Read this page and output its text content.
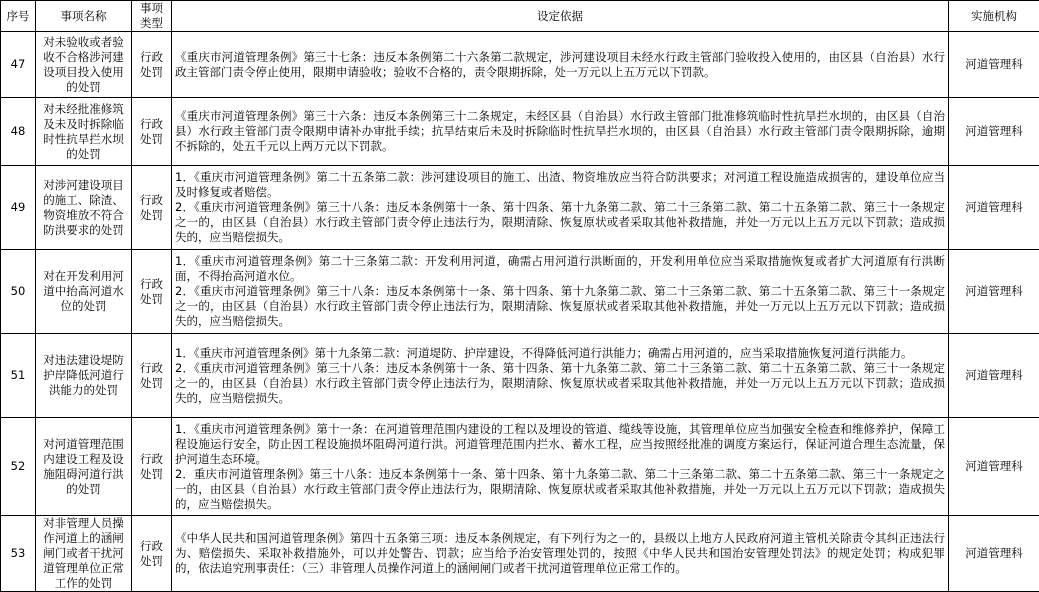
序号	事项名称	事项类型	设定依据	实施机构
47	对未验收或者验收不合格涉河建设项目投入使用的处罚	行政处罚	《重庆市河道管理条例》第三十七条：违反本条例第二十六条第二款规定，涉河建设项目未经水行政主管部门验收投入使用的，由区县（自治县）水行政主管部门责令停止使用，限期申请验收；验收不合格的，责令限期拆除，处一万元以上五万元以下罚款。	河道管理科
48	对未经批准修筑及未及时拆除临时性抗旱拦水坝的处罚	行政处罚	《重庆市河道管理条例》第三十六条：违反本条例第三十二条规定，未经区县（自治县）水行政主管部门批准修筑临时性抗旱拦水坝的，由区县（自治县）水行政主管部门责令限期申请补办审批手续；抗旱结束后未及时拆除临时性抗旱拦水坝的，由区县（自治县）水行政主管部门责令限期拆除，逾期不拆除的，处五千元以上两万元以下罚款。	河道管理科
49	对涉河建设项目的施工、除渣、物资堆放不符合防洪要求的处罚	行政处罚	1．《重庆市河道管理条例》第二十五条第二款：涉河建设项目的施工、出渣、物资堆放应当符合防洪要求；对河道工程设施造成损害的，建设单位应当及时修复或者赔偿。
2．《重庆市河道管理条例》第三十八条：违反本条例第十一条、第十四条、第十九条第二款、第二十三条第二款、第二十五条第二款、第三十一条规定之一的，由区县（自治县）水行政主管部门责令停止违法行为，限期清除、恢复原状或者采取其他补救措施，并处一万元以上五万元以下罚款；造成损失的，应当赔偿损失。	河道管理科
50	对在开发利用河道中抬高河道水位的处罚	行政处罚	1．《重庆市河道管理条例》第二十三条第二款：开发利用河道，确需占用河道行洪断面的，开发利用单位应当采取措施恢复或者扩大河道原有行洪断面，不得抬高河道水位。
2．《重庆市河道管理条例》第三十八条：违反本条例第十一条、第十四条、第十九条第二款、第二十三条第二款、第二十五条第二款、第三十一条规定之一的，由区县（自治县）水行政主管部门责令停止违法行为，限期清除、恢复原状或者采取其他补救措施，并处一万元以上五万元以下罚款；造成损失的，应当赔偿损失。	河道管理科
51	对违法建设堤防护岸降低河道行洪能力的处罚	行政处罚	1．《重庆市河道管理条例》第十九条第二款：河道堤防、护岸建设，不得降低河道行洪能力；确需占用河道的，应当采取措施恢复河道行洪能力。
2．《重庆市河道管理条例》第三十八条：违反本条例第十一条、第十四条、第十九条第二款、第二十三条第二款、第二十五条第二款、第三十一条规定之一的，由区县（自治县）水行政主管部门责令停止违法行为，限期清除、恢复原状或者采取其他补救措施，并处一万元以上五万元以下罚款；造成损失的，应当赔偿损失。	河道管理科
52	对河道管理范围内建设工程及设施阻碍河道行洪的处罚	行政处罚	1．《重庆市河道管理条例》第十一条：在河道管理范围内建设的工程以及埋设的管道、缆线等设施，其管理单位应当加强安全检查和维修养护，保障工程设施运行安全，防止因工程设施损坏阻碍河道行洪。河道管理范围内拦水、蓄水工程，应当按照经批准的调度方案运行，保证河道合理生态流量，保护河道生态环境。
2．重庆市河道管理条例》第三十八条：违反本条例第十一条、第十四条、第十九条第二款、第二十三条第二款、第二十五条第二款、第三十一条规定之一的，由区县（自治县）水行政主管部门责令停止违法行为，限期清除、恢复原状或者采取其他补救措施，并处一万元以上五万元以下罚款；造成损失的，应当赔偿损失。	河道管理科
53	对非管理人员操作河道上的涵闸闸门或者干扰河道管理单位正常工作的处罚	行政处罚	《中华人民共和国河道管理条例》第四十五条第三项：违反本条例规定，有下列行为之一的，县级以上地方人民政府河道主管机关除责令其纠正违法行为、赔偿损失、采取补救措施外，可以并处警告、罚款；应当给予治安管理处罚的，按照《中华人民共和国治安管理处罚法》的规定处罚；构成犯罪的，依法追究刑事责任：（三）非管理人员操作河道上的涵闸闸门或者干扰河道管理单位正常工作的。	河道管理科
